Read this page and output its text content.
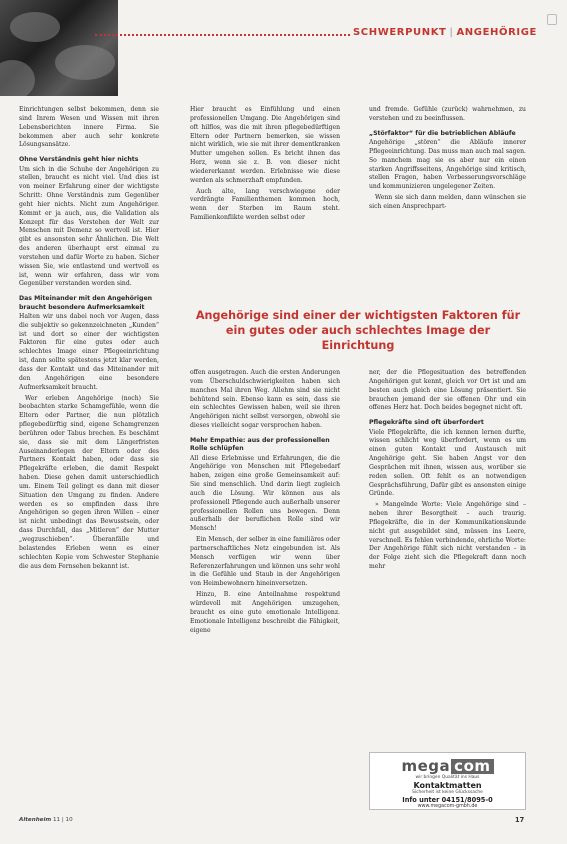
SCHWERPUNKT | ANGEHÖRIGE

Einrichtungen selbst bekommen, denn sie sind Inrem Wesen und Wissen mit ihren Lebensberichten innere Firma. Sie bekommen aber auch sehr konkrete Lösungsansätze.

Ohne Verständnis geht hier nichts

Um sich in die Schuhe der Angehörigen zu stellen, braucht es nicht viel. Und dies ist von meiner Erfahrung einer der wichtigste Schritt: Ohne Verständnis zum Gegenüber geht hier nichts. Nicht zum Angehöriger. Kommt er ja auch, aus, die Validation als Konzept für das Verstehen der Welt zur Menschen mit Demenz so wertvoll ist. Hier gibt es ansonsten sehr Ähnlichen. Die Welt des anderen überhaupt erst einmal zu verstehen und dafür Worte zu haben. Sicher wissen Sie, wie entlastend und wertvoll es ist, wenn wir erfahren, dass wir vom Gegenüber verstanden worden sind.

Das Miteinander mit den Angehörigen braucht besondere Aufmerksamkeit

Halten wir uns dabei noch vor Augen, dass die subjektiv so gekennzeichneten „Kunden“ ist und dort so einer der wichtigsten Faktoren für eine gutes oder auch schlechtes Image einer Pflegeeinrichtung ist, dann sollte spätestens jetzt klar werden, dass der Kontakt und das Miteinander mit den Angehörigen eine besondere Aufmerksamkeit braucht.

Wer erleben Angehörige (noch) Sie beobachten starke Schamgefühle, wenn die Eltern oder Partner, die nun plötzlich pflegebedürftig sind, eigene Schamgrenzen berühren oder Tabus brechen. Es beschämt sie, dass sie mit dem Längerfristen Auseinanderlegen der Eltern oder des Partners Kontakt haben, oder dass sie Pflegekräfte erleben, die damit Respekt haben. Diese gehen damit unterschiedlich um. Einem Teil gelingt es dann mit dieser Situation den Umgang zu finden. Andere werden es so empfinden dass ihre Angehörigen so gegen ihren Willen – einer ist nicht unbedingt das Bewusstsein, oder dass Durchfall, das „Mitleren“ der Mutter „wegzuschieben“. Überanfälle und belastendes Erleben wenn es einer schlechten Kopie vom Schwester Stephanie die aus dem Fernsehen bekannt ist.

Hier braucht es Einfühlung und einen professionellen Umgang. Die Angehörigen sind oft hilflos, was die mit ihren pflegebedürftigen Eltern oder Partnern bemerken, sie wissen nicht wirklich, wie sie mit ihrer dementkranken Mutter umgehen sollen. Es bricht ihnen das Herz, wenn sie z. B. von dieser nicht wiedererkannt werden. Erlebnisse wie diese werden als schmerzhaft empfunden.

Auch alte, lang verschwiegene oder verdrängte Familienthemen kommen hoch, wenn der Sterben im Raum steht. Familienkonflikte werden selbst oder

und fremde. Gefühle (zurück) wahrnehmen, zu verstehen und zu beeinflussen.

„Störfaktor“ für die betrieblichen Abläufe

Angehörige „stören“ die Abläufe innerer Pflegeeinrichtung. Das muss man auch mal sagen. So manchem mag sie es aber nur ein einen starken Angriffsseitens, Angehörige sind kritisch, stellen Fragen, haben Verbesserungsvorschläge und kommunizieren ungelegener Zeiten.

Wenn sie sich dann melden, dann wünschen sie sich einen Ansprechpart-

Angehörige sind einer der wichtigsten Faktoren für ein gutes oder auch schlechtes Image der Einrichtung

offen ausgetragen. Auch die ersten Anderungen vom Überschuldschwierigkeiten haben sich manches Mal ihren Weg. Allehm sind sie nicht behütend sein. Ebenso kann es sein, dass sie ein schlechtes Gewissen haben, weil sie ihren Angehörigen nicht selbst versorgen, obwohl sie dieses vielleicht sogar versprochen haben.

Mehr Empathie: aus der professionellen Rolle schlüpfen

All diese Erlebnisse und Erfahrungen, die die Angehörige von Menschen mit Pflegebedarf haben, zeigen eine große Gemeinsamkeit auf: Sie sind menschlich. Und darin liegt zugleich auch die Lösung. Wir können aus als professionell Pflegende auch außerhalb unserer professionellen Rollen uns bewegen. Denn außerhalb der beruflichen Rolle sind wir Mensch!

Ein Mensch, der selber in eine familiäres oder partnerschaftliches Netz eingebunden ist. Als Mensch verfügen wir wenn über Referenzerfahrungen und können uns sehr wohl in die Gefühle und Staub in der Angehörigen von Heimbewohnern hineinversetzen.

Hinzu, B. eine Anteilnahme respektund würdevoll mit Angehörigen umzugehen, braucht es eine gute emotionale Intelligenz. Emotionale Intelligenz beschreibt die Fähigkeit, eigene

ner, der die Pflegesituation des betreffenden Angehörigen gut kennt, gleich vor Ort ist und am besten auch gleich eine Lösung präsentiert. Sie brauchen jemand der sie offenen Ohr und ein offenes Herz hat. Doch beides begegnet nicht oft.

Pflegekräfte sind oft überfordert

Viele Pflegekräfte, die ich kennen lernen durfte, wissen schlicht weg überfordert, wenn es um einen guten Kontakt und Austausch mit Angehörige geht. Sie haben Angst vor den Gesprächen mit ihnen, wissen aus, worüber sie reden sollen. Oft fehlt es an notwendigen Gesprächsführung, Dafür gibt es ansonsten einige Gründe.

» Mangelnde Worte: Viele Angehörige sind – neben ihrer Besorgtheit – auch traurig. Pflegekräfte, die in der Kommunikationskunde nicht gut ausgebildet sind, müssen ins Leere, verschnell. Es fehlen verbindende, ehrliche Worte: Der Angehörige fühlt sich nicht verstanden – in der Folge zieht sich die Pflegekraft dann noch mehr

mega com
wir bringen Qualität ins Haus
Kontaktmatten
Sicherheit ist keine Glückssache
Info unter 04151/8095-0
www.megacom-gmbh.de
Altenheim 11 | 10	17
